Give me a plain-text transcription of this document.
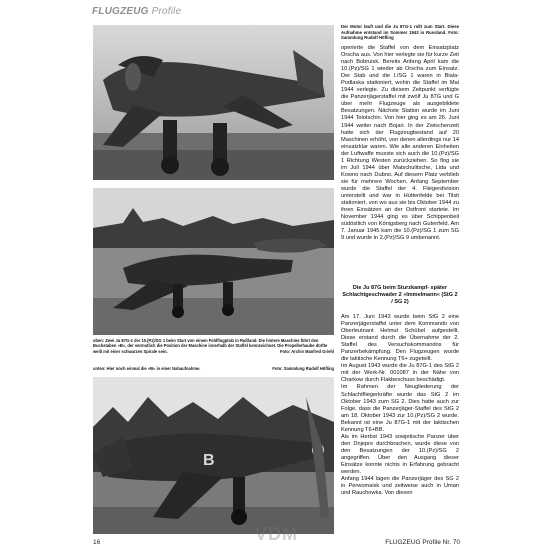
FLUGZEUG Profile
oben: Zwei Ju 87G-2 der 10.(Pz)/SG 1 beim Start von einem Feldflugplatz in Rußland. Die hintere Maschine führt den Buchstaben »B«, der vermutlich die Position der Maschine innerhalb der Staffel kennzeichnet. Die Propellerhaube dürfte weiß mit einer schwarzen Spirale sein.	Foto: Archiv Manfred Griehl
unten: Hier noch einmal die »B« in einer Nahaufnahme.	Foto: Sammlung Rudolf Höfling
B
Der Motor läuft und die Ju 87G-1 rollt zum Start. Diese Aufnahme entstand im Sommer 1943 in Russland. Foto: Sammlung Rudolf Höfling

operierte die Staffel von dem Einsatzplatz Orscha aus. Von hier verlegte sie für kurze Zeit nach Bobruisk. Bereits Anfang April kam die 10.(Pz)/SG 1 wieder ab Orscha zum Einsatz. Der Stab und die I./SG 1 waren in Biala-Podlaska stationiert, wohin die Staffel im Mai 1944 verlegte. Zu diesem Zeitpunkt verfügte die Panzerjägerstaffel mit zwölf Ju 87G und G über mehr Flugzeuge als ausgebildete Besatzungen. Nächste Station wurde im Juni 1944 Tolotschin. Von hier ging es am 26. Juni 1944 weiter nach Bojari. In der Zwischenzeit hatte sich der Flugzeugbestand auf 20 Maschinen erhöht, von denen allerdings nur 14 einsatzklar waren. Wie alle anderen Einheiten der Luftwaffe musste sich auch die 10.(Pz)/SG 1 Richtung Westen zurückziehen. So flog sie im Juli 1944 über Matschulitsche, Lida und Kowno nach Dubno. Auf diesem Platz verblieb sie für mehrere Wochen. Anfang September wurde die Staffel der 4. Fliegerdivision unterstellt und war in Hüttenfelde bei Tilsit stationiert, von wo aus sie bis Oktober 1944 zu ihren Einsätzen an der Ostfront startete. Im November 1944 ging es über Schippenbeil südöstlich von Königsberg nach Gutenfeld. Am 7. Januar 1945 kam die 10.(Pz)/SG 1 zum SG 9 und wurde in 2.(Pz)/SG 9 umbenannt.

Die Ju 87G beim Sturzkampf- später Schlachtgeschwader 2 »Immelmann« (StG 2 / SG 2)

Am 17. Juni 1943 wurde beim StG 2 eine Panzerjägerstaffel unter dem Kommando von Oberleutnant Helmut Schübel aufgestellt. Diese erstand durch die Übernahme der 2. Staffel des Versuchskommandos für Panzerbekämpfung. Den Flugzeugen wurde die taktische Kennung T6+ zugeteilt.

Im August 1943 wurde die Ju 87G-1 des StG 2 mit der Werk-Nr. 001087 in der Nähe von Charkow durch Flakbeschuss beschädigt.

Im Rahmen der Neugliederung der Schlachtfliegerkräfte wurde das StG 2 im Oktober 1943 zum SG 2. Dies hatte auch zur Folge, dass die Panzerjäger-Staffel des StG 2 am 18. Oktober 1943 zur 10.(Pz)/SG 2 wurde. Bekannt ist eine Ju 87G-1 mit der taktischen Kennung T6+BB.

Als im Herbst 1943 sowjetische Panzer über den Dnjepre durchbrachen, wurde diese von den Besatzungen der 10.(Pz)/SG 2 angegriffen. Über den Ausgang dieser Einsätze konnte nichts in Erfahrung gebracht werden.

Anfang 1944 lagen die Panzerjäger des SG 2 in Perwomaisk und zeitweise auch in Uman und Rauchowka. Von diesen

VDM
16	FLUGZEUG Profile Nr. 70
